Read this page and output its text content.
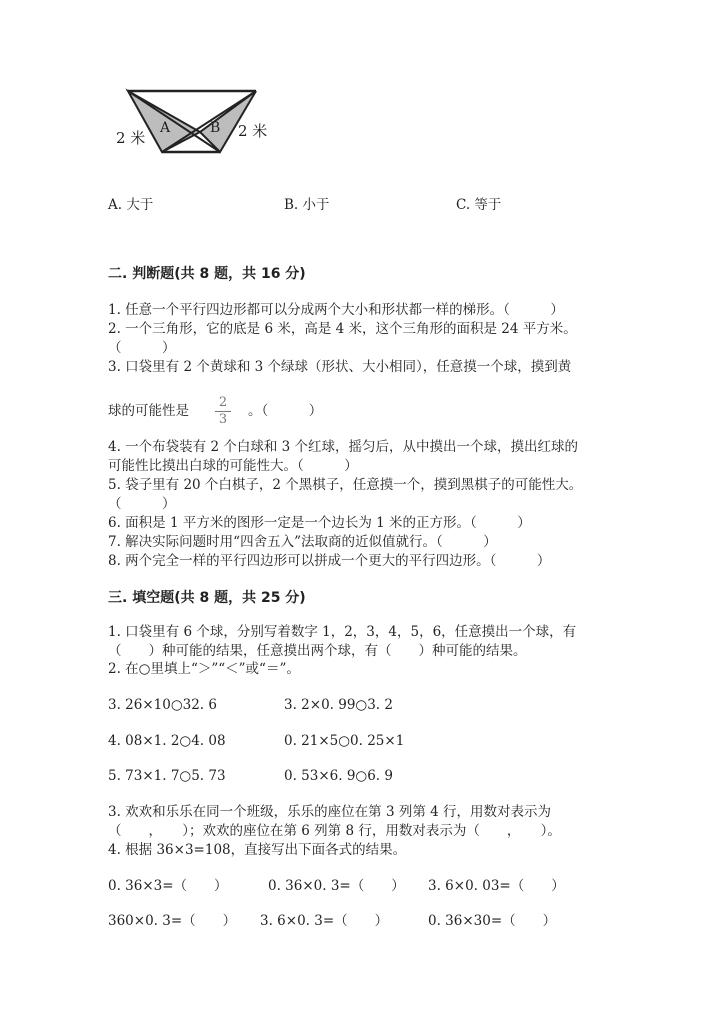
2 米
A	B 2 米
A. 大于	B. 小于	C. 等于
二. 判断题(共 8 题，共 16 分)
1. 任意一个平行四边形都可以分成两个大小和形状都一样的梯形。（　　　）
2. 一个三角形，它的底是 6 米，高是 4 米，这个三角形的面积是 24 平方米。
（　　　）
3. 口袋里有 2 个黄球和 3 个绿球（形状、大小相同），任意摸一个球，摸到黄
球的可能性是
2
3
。（　　　）
4. 一个布袋装有 2 个白球和 3 个红球，摇匀后，从中摸出一个球，摸出红球的
可能性比摸出白球的可能性大。（　　　）
5. 袋子里有 20 个白棋子，2 个黑棋子，任意摸一个，摸到黑棋子的可能性大。
（　　　）
6. 面积是 1 平方米的图形一定是一个边长为 1 米的正方形。（　　　）
7. 解决实际问题时用“四舍五入”法取商的近似值就行。（　　　）
8. 两个完全一样的平行四边形可以拼成一个更大的平行四边形。（　　　）
三. 填空题(共 8 题，共 25 分)
1. 口袋里有 6 个球，分别写着数字 1，2，3，4，5，6，任意摸出一个球，有
（　　）种可能的结果，任意摸出两个球，有（　　）种可能的结果。
2. 在○里填上“＞”“＜”或“＝”。
3. 26×10○32. 6	3. 2×0. 99○3. 2
4. 08×1. 2○4. 08	0. 21×5○0. 25×1
5. 73×1. 7○5. 73	0. 53×6. 9○6. 9
3. 欢欢和乐乐在同一个班级，乐乐的座位在第 3 列第 4 行，用数对表示为
（　　，　　）；欢欢的座位在第 6 列第 8 行，用数对表示为（　　，　　）。
4. 根据 36×3=108，直接写出下面各式的结果。
0. 36×3=（　　）	0. 36×0. 3=（　　） 3. 6×0. 03=（　　）
360×0. 3=（　　） 3. 6×0. 3=（　　）	0. 36×30=（　　）
